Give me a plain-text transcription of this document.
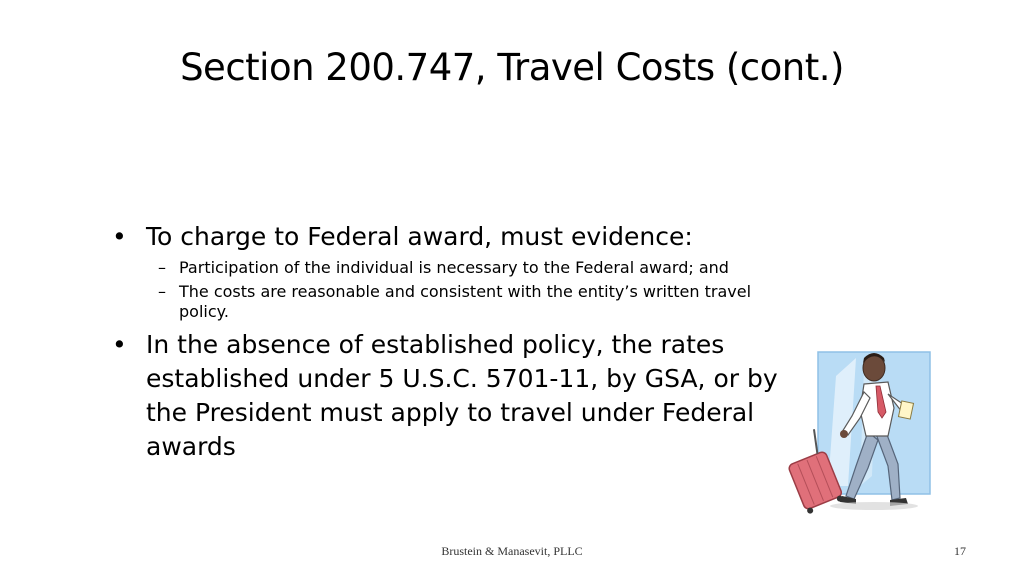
Section 200.747, Travel Costs (cont.)
• To charge to Federal award, must evidence:
– Participation of the individual is necessary to the Federal award; and
– The costs are reasonable and consistent with the entity’s written travel policy.
• In the absence of established policy, the rates established under 5 U.S.C. 5701-11, by GSA, or by the President must apply to travel under Federal awards
Brustein & Manasevit, PLLC	17
